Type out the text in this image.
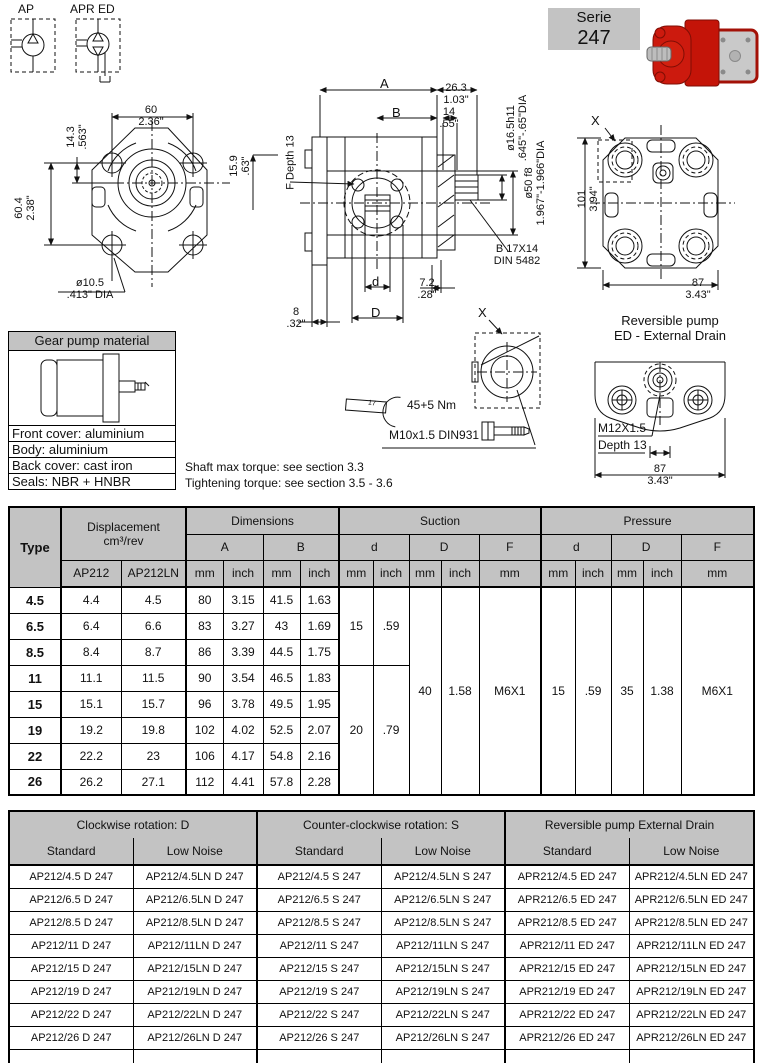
AP	APR ED	Serie
247
60
2.36"
14.3 .563"
60.4 2.38"
ø10.5
.413" DIA
15.9 .63"
A	26.3
1.03"
B	14
.55"	ø16.5h11 .645"-.65"DIA
ø50 f8 1.967"-1.966"DIA
F Depth 13
d	7.2
.28"
D
8
.32"
B 17X14
DIN 5482
X
101 3.94"
87
3.43"
Reversible pump
ED - External Drain
X
17	45+5 Nm
M10x1.5 DIN931	M12X1.5
Depth 13
87
3.43"
Gear pump material
Front cover: aluminium
Body: aluminium
Back cover: cast iron
Seals: NBR + HNBR
Shaft max torque: see section 3.3
Tightening torque: see section 3.5 - 3.6
Type	Displacement
cm³/rev		Dimensions				Suction					Pressure				
			A		B		d		D		F	d		D		F
	AP212	AP212LN	mm	inch	mm	inch	mm	inch	mm	inch	mm	mm	inch	mm	inch	mm
4.5	4.4	4.5	80	3.15	41.5	1.63	15	.59	40	1.58	M6X1	15	.59	35	1.38	M6X1
6.5	6.4	6.6	83	3.27	43	1.69										
8.5	8.4	8.7	86	3.39	44.5	1.75										
11	11.1	11.5	90	3.54	46.5	1.83	20	.79								
15	15.1	15.7	96	3.78	49.5	1.95										
19	19.2	19.8	102	4.02	52.5	2.07										
22	22.2	23	106	4.17	54.8	2.16										
26	26.2	27.1	112	4.41	57.8	2.28										
Clockwise rotation: D		Counter-clockwise rotation: S		Reversible pump External Drain	
Standard	Low Noise	Standard	Low Noise	Standard	Low Noise
AP212/4.5 D 247	AP212/4.5LN D 247	AP212/4.5 S 247	AP212/4.5LN S 247	APR212/4.5 ED 247	APR212/4.5LN ED 247
AP212/6.5 D 247	AP212/6.5LN D 247	AP212/6.5 S 247	AP212/6.5LN S 247	APR212/6.5 ED 247	APR212/6.5LN ED 247
AP212/8.5 D 247	AP212/8.5LN D 247	AP212/8.5 S 247	AP212/8.5LN S 247	APR212/8.5 ED 247	APR212/8.5LN ED 247
AP212/11 D 247	AP212/11LN D 247	AP212/11 S 247	AP212/11LN S 247	APR212/11 ED 247	APR212/11LN ED 247
AP212/15 D 247	AP212/15LN D 247	AP212/15 S 247	AP212/15LN S 247	APR212/15 ED 247	APR212/15LN ED 247
AP212/19 D 247	AP212/19LN D 247	AP212/19 S 247	AP212/19LN S 247	APR212/19 ED 247	APR212/19LN ED 247
AP212/22 D 247	AP212/22LN D 247	AP212/22 S 247	AP212/22LN S 247	APR212/22 ED 247	APR212/22LN ED 247
AP212/26 D 247	AP212/26LN D 247	AP212/26 S 247	AP212/26LN S 247	APR212/26 ED 247	APR212/26LN ED 247
